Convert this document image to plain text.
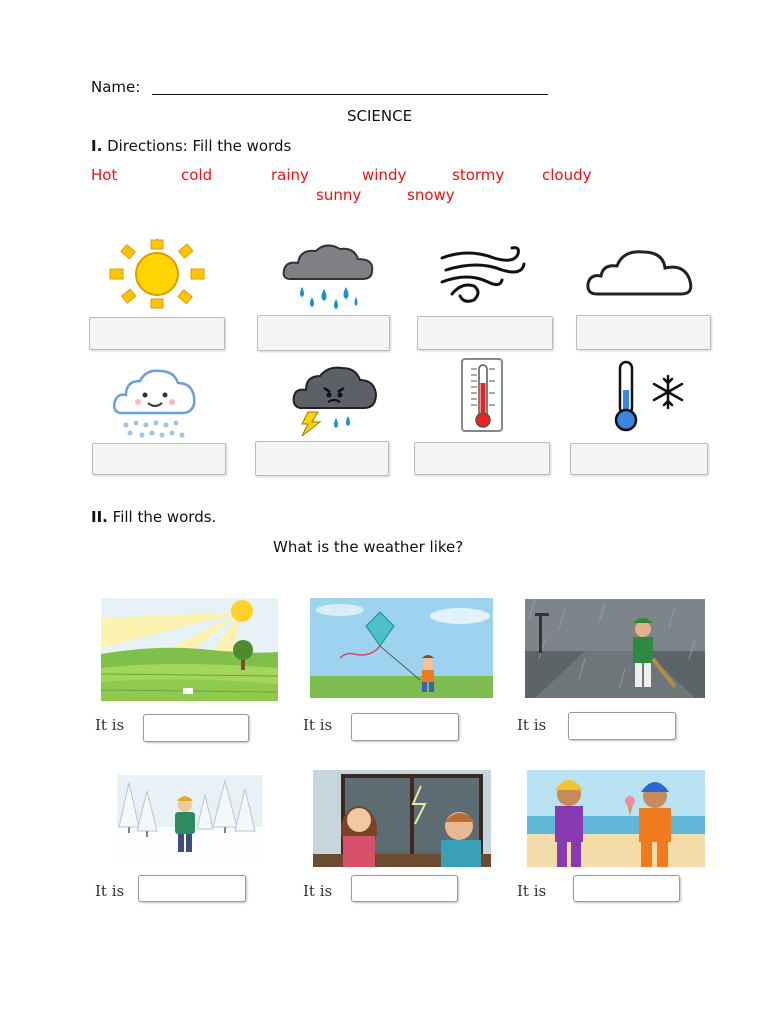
Name:
SCIENCE
I. Directions: Fill the words
Hot	cold	rainy	windy	stormy	cloudy
sunny	snowy
II. Fill the words.
What is the weather like?
It is	It is	It is
It is	It is	It is
